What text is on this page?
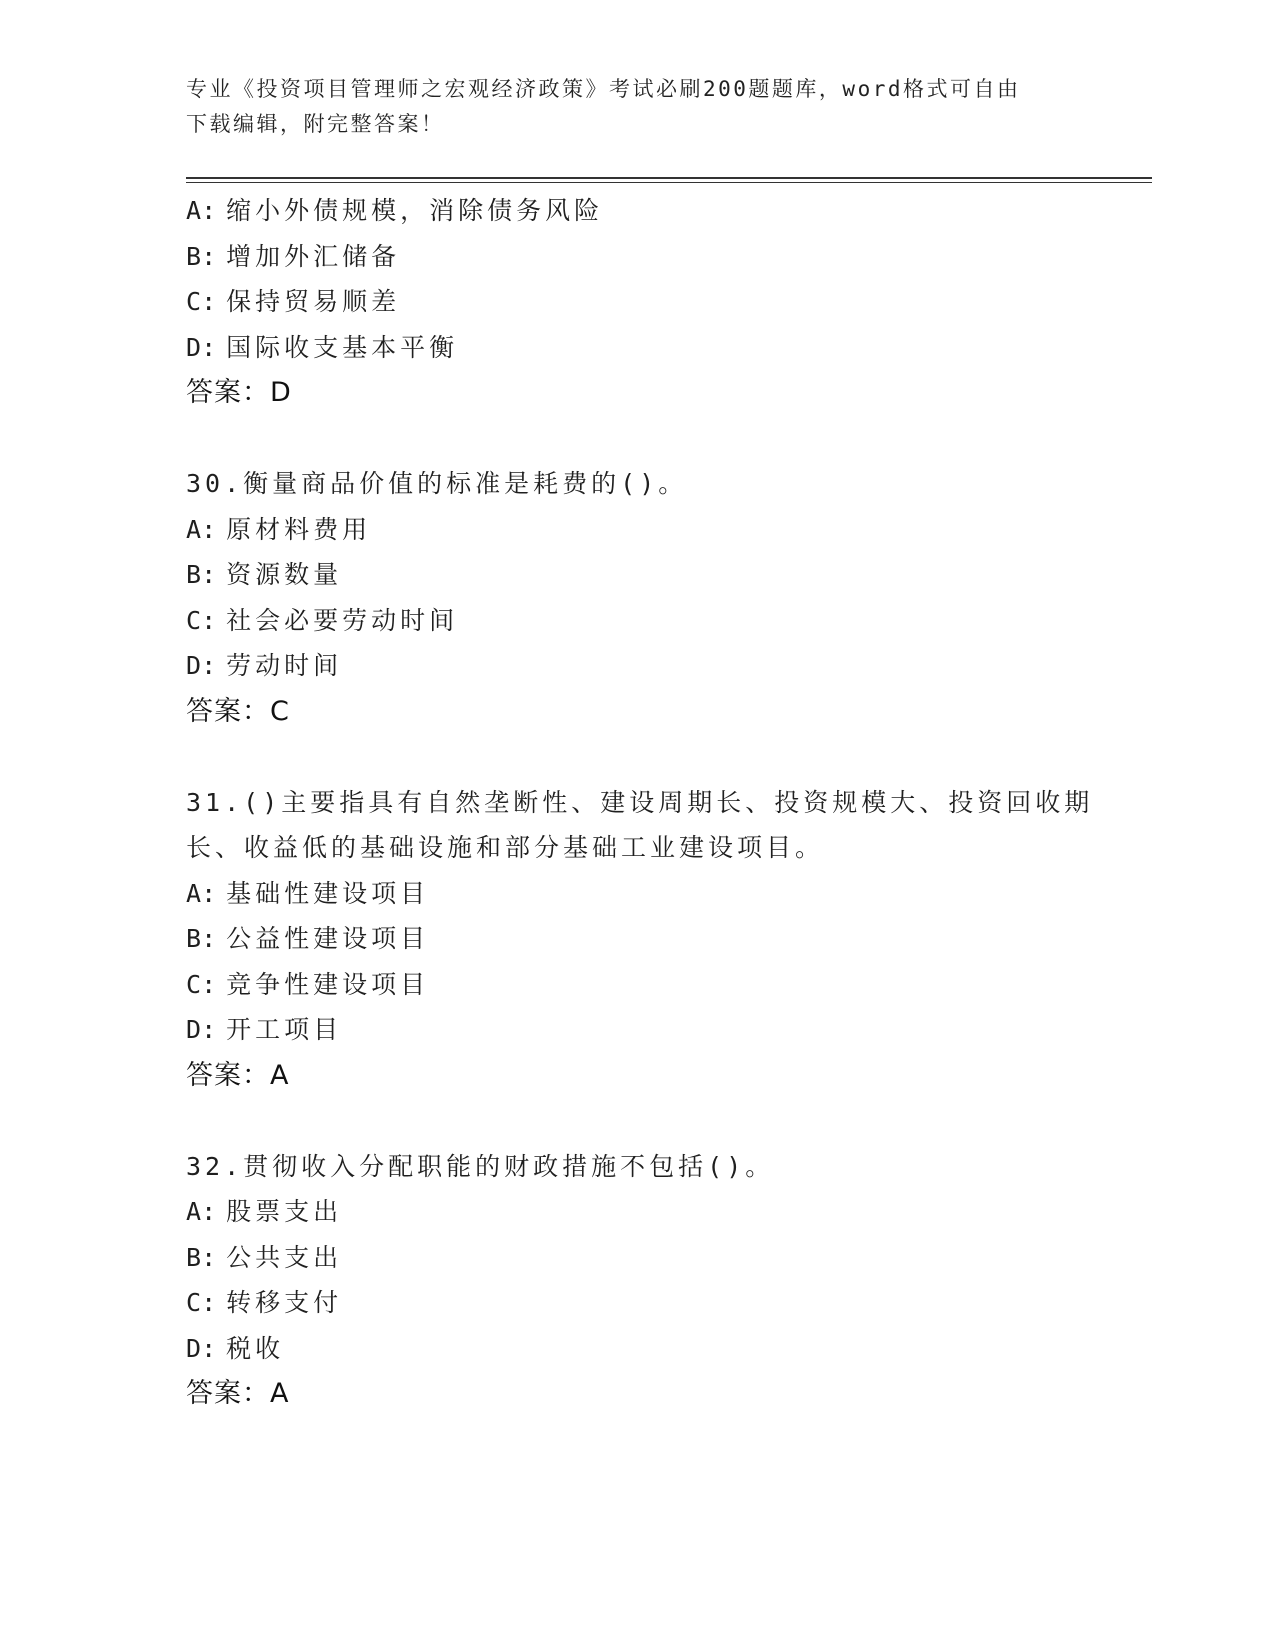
专业《投资项目管理师之宏观经济政策》考试必刷200题题库，word格式可自由
下载编辑，附完整答案！
A: 缩小外债规模，消除债务风险
B: 增加外汇储备
C: 保持贸易顺差
D: 国际收支基本平衡
答案：D
30.衡量商品价值的标准是耗费的()。
A: 原材料费用
B: 资源数量
C: 社会必要劳动时间
D: 劳动时间
答案：C
31.()主要指具有自然垄断性、建设周期长、投资规模大、投资回收期
长、收益低的基础设施和部分基础工业建设项目。
A: 基础性建设项目
B: 公益性建设项目
C: 竞争性建设项目
D: 开工项目
答案：A
32.贯彻收入分配职能的财政措施不包括()。
A: 股票支出
B: 公共支出
C: 转移支付
D: 税收
答案：A
